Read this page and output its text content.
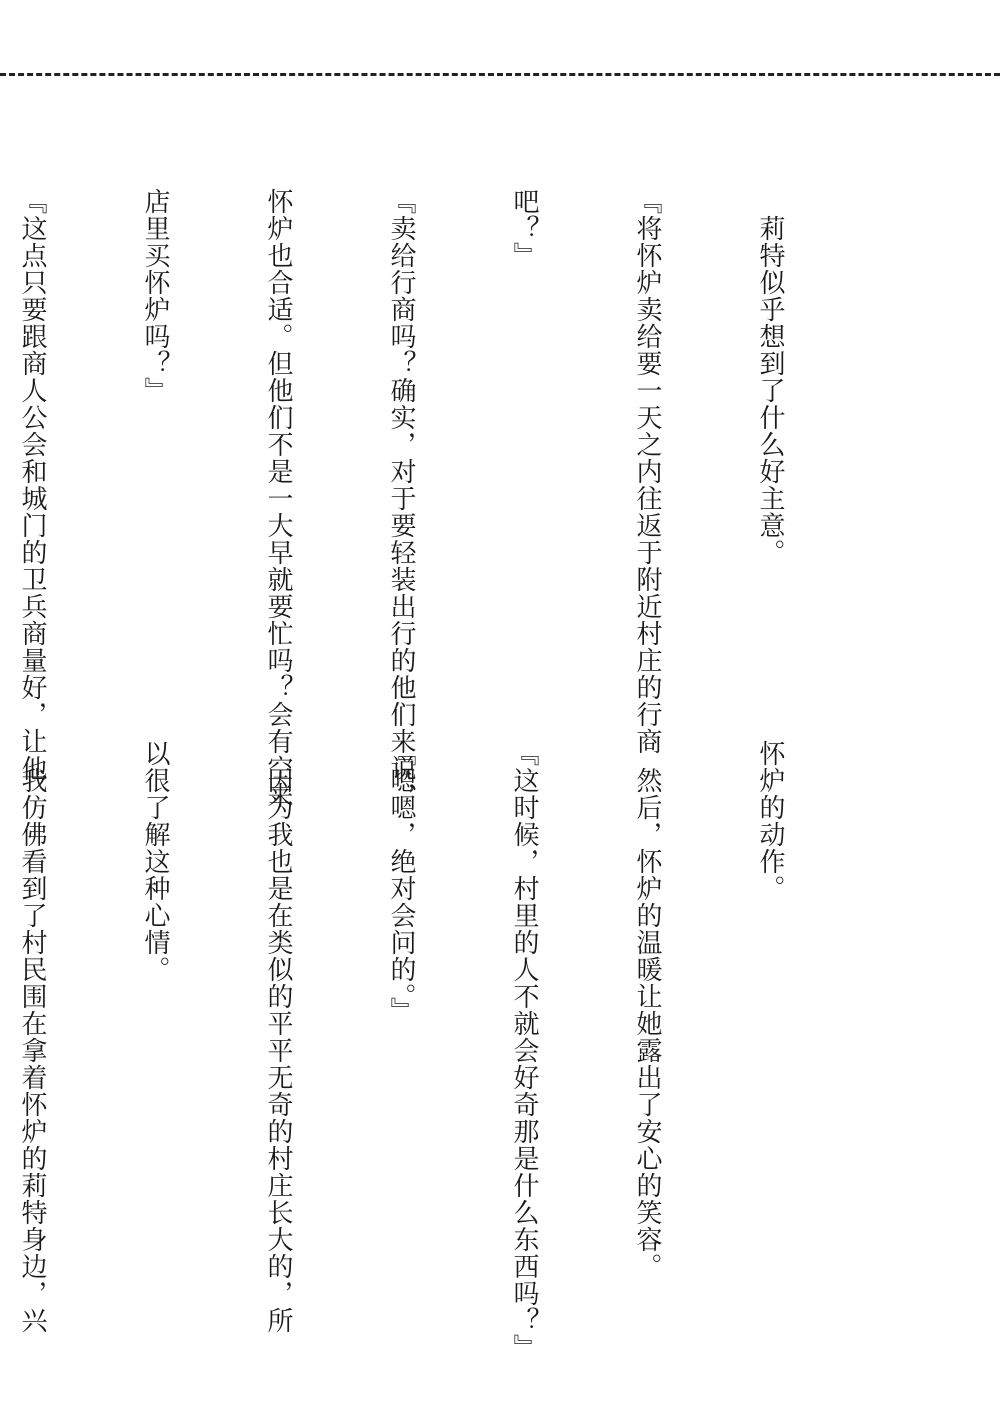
　莉特似乎想到了什么好主意。

『将怀炉卖给要一天之内往返于附近村庄的行商

吧？』

『卖给行商吗？确实，对于要轻装出行的他们来说，

怀炉也合适。但他们不是一大早就要忙吗？会有空来

店里买怀炉吗？』

『这点只要跟商人公会和城门的卫兵商量好，让他

怀炉的动作。

　然后，怀炉的温暖让她露出了安心的笑容。

『这时候，村里的人不就会好奇那是什么东西吗？』

『嗯嗯，绝对会问的。』

　因为我也是在类似的平平无奇的村庄长大的，所

以很了解这种心情。

　我仿佛看到了村民围在拿着怀炉的莉特身边，兴
